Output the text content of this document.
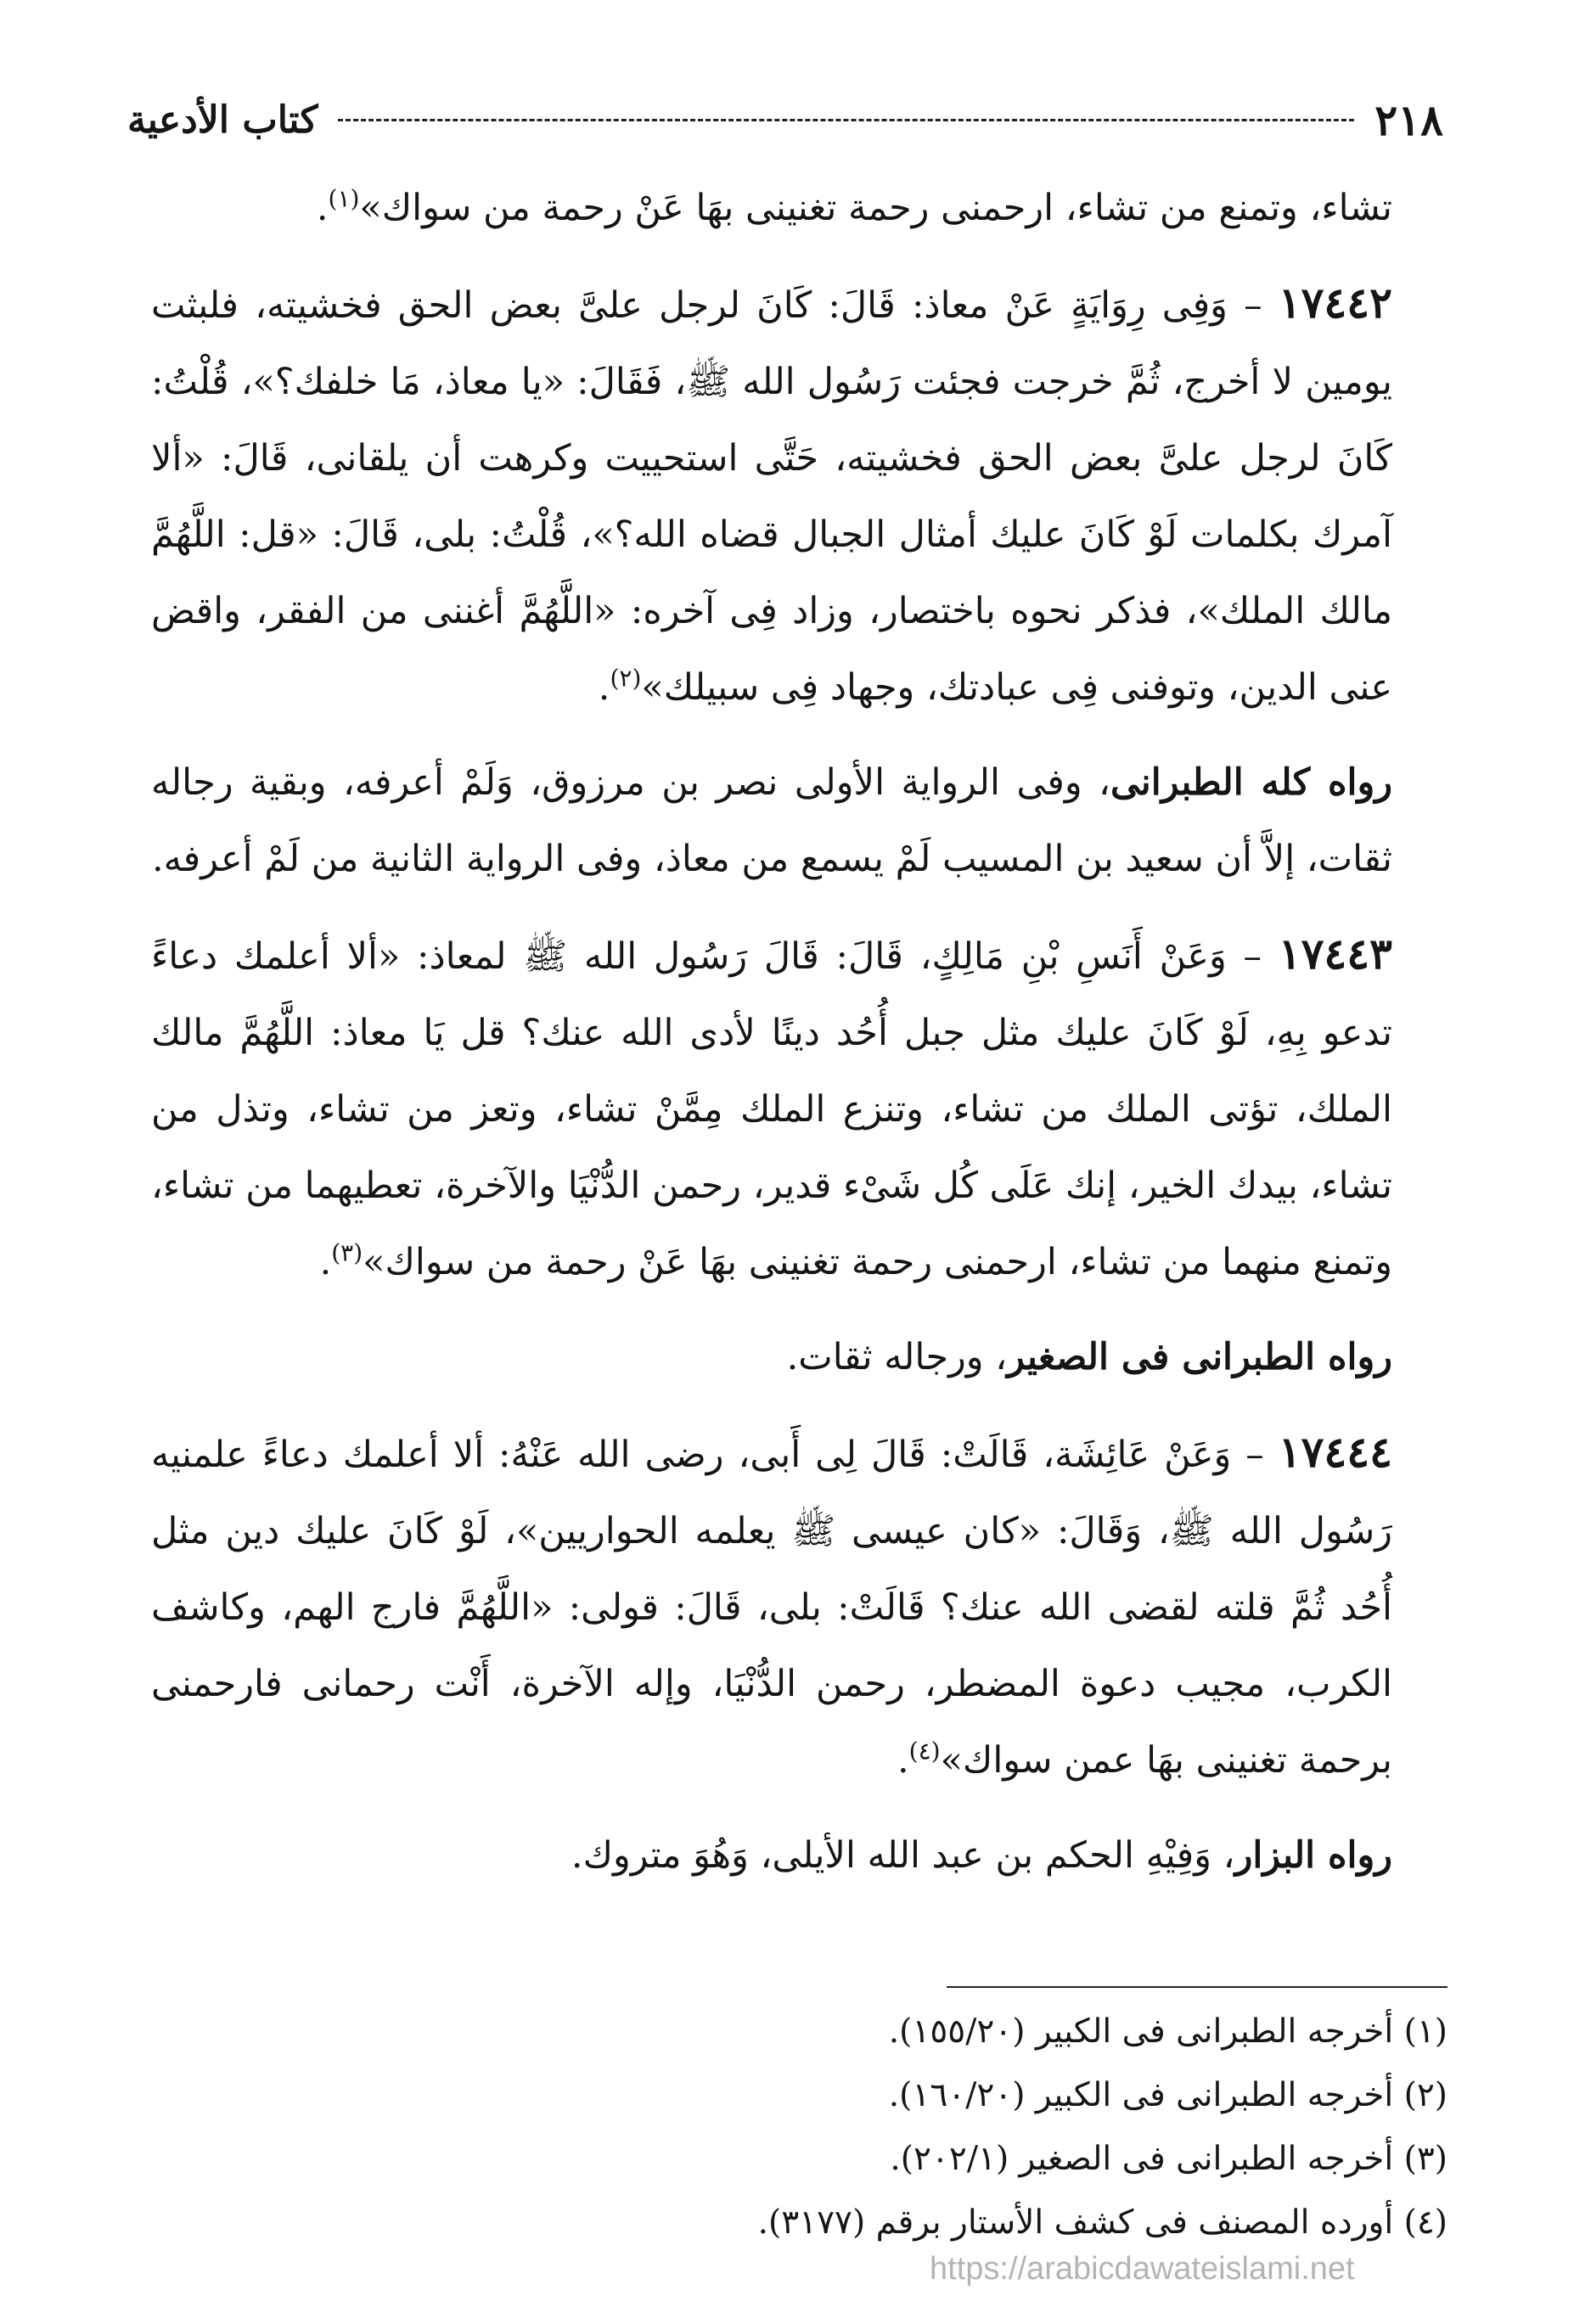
٢١٨
كتاب الأدعية

تشاء، وتمنع من تشاء، ارحمنى رحمة تغنينى بهَا عَنْ رحمة من سواك»$^{(١)}$.

١٧٤٤٢ – وَفِى رِوَايَةٍ عَنْ معاذ: قَالَ: كَانَ لرجل علىَّ بعض الحق فخشيته، فلبثت يومين لا أخرج، ثُمَّ خرجت فجئت رَسُول الله ﷺ، فَقَالَ: «يا معاذ، مَا خلفك؟»، قُلْتُ: كَانَ لرجل علىَّ بعض الحق فخشيته، حَتَّى استحييت وكرهت أن يلقانى، قَالَ: «ألا آمرك بكلمات لَوْ كَانَ عليك أمثال الجبال قضاه الله؟»، قُلْتُ: بلى، قَالَ: «قل: اللَّهُمَّ مالك الملك»، فذكر نحوه باختصار، وزاد فِى آخره: «اللَّهُمَّ أغننى من الفقر، واقض عنى الدين، وتوفنى فِى عبادتك، وجهاد فِى سبيلك»$^{(٢)}$.

رواه كله الطبرانى، وفى الرواية الأولى نصر بن مرزوق، وَلَمْ أعرفه، وبقية رجاله ثقات، إلاَّ أن سعيد بن المسيب لَمْ يسمع من معاذ، وفى الرواية الثانية من لَمْ أعرفه.

١٧٤٤٣ – وَعَنْ أَنَسِ بْنِ مَالِكٍ، قَالَ: قَالَ رَسُول الله ﷺ لمعاذ: «ألا أعلمك دعاءً تدعو بِهِ، لَوْ كَانَ عليك مثل جبل أُحُد دينًا لأدى الله عنك؟ قل يَا معاذ: اللَّهُمَّ مالك الملك، تؤتى الملك من تشاء، وتنزع الملك مِمَّنْ تشاء، وتعز من تشاء، وتذل من تشاء، بيدك الخير، إنك عَلَى كُل شَىْء قدير، رحمن الدُّنْيَا والآخرة، تعطيهما من تشاء، وتمنع منهما من تشاء، ارحمنى رحمة تغنينى بهَا عَنْ رحمة من سواك»$^{(٣)}$.

رواه الطبرانى فى الصغير، ورجاله ثقات.

١٧٤٤٤ – وَعَنْ عَائِشَة، قَالَتْ: قَالَ لِى أَبى، رضى الله عَنْهُ: ألا أعلمك دعاءً علمنيه رَسُول الله ﷺ، وَقَالَ: «كان عيسى ﷺ يعلمه الحواريين»، لَوْ كَانَ عليك دين مثل أُحُد ثُمَّ قلته لقضى الله عنك؟ قَالَتْ: بلى، قَالَ: قولى: «اللَّهُمَّ فارج الهم، وكاشف الكرب، مجيب دعوة المضطر، رحمن الدُّنْيَا، وإله الآخرة، أَنْت رحمانى فارحمنى برحمة تغنينى بهَا عمن سواك»$^{(٤)}$.

رواه البزار، وَفِيْهِ الحكم بن عبد الله الأيلى، وَهُوَ متروك.

(١) أخرجه الطبرانى فى الكبير (١٥٥/٢٠).
(٢) أخرجه الطبرانى فى الكبير (١٦٠/٢٠).
(٣) أخرجه الطبرانى فى الصغير (٢٠٢/١).
(٤) أورده المصنف فى كشف الأستار برقم (٣١٧٧).
https://arabicdawateislami.net
